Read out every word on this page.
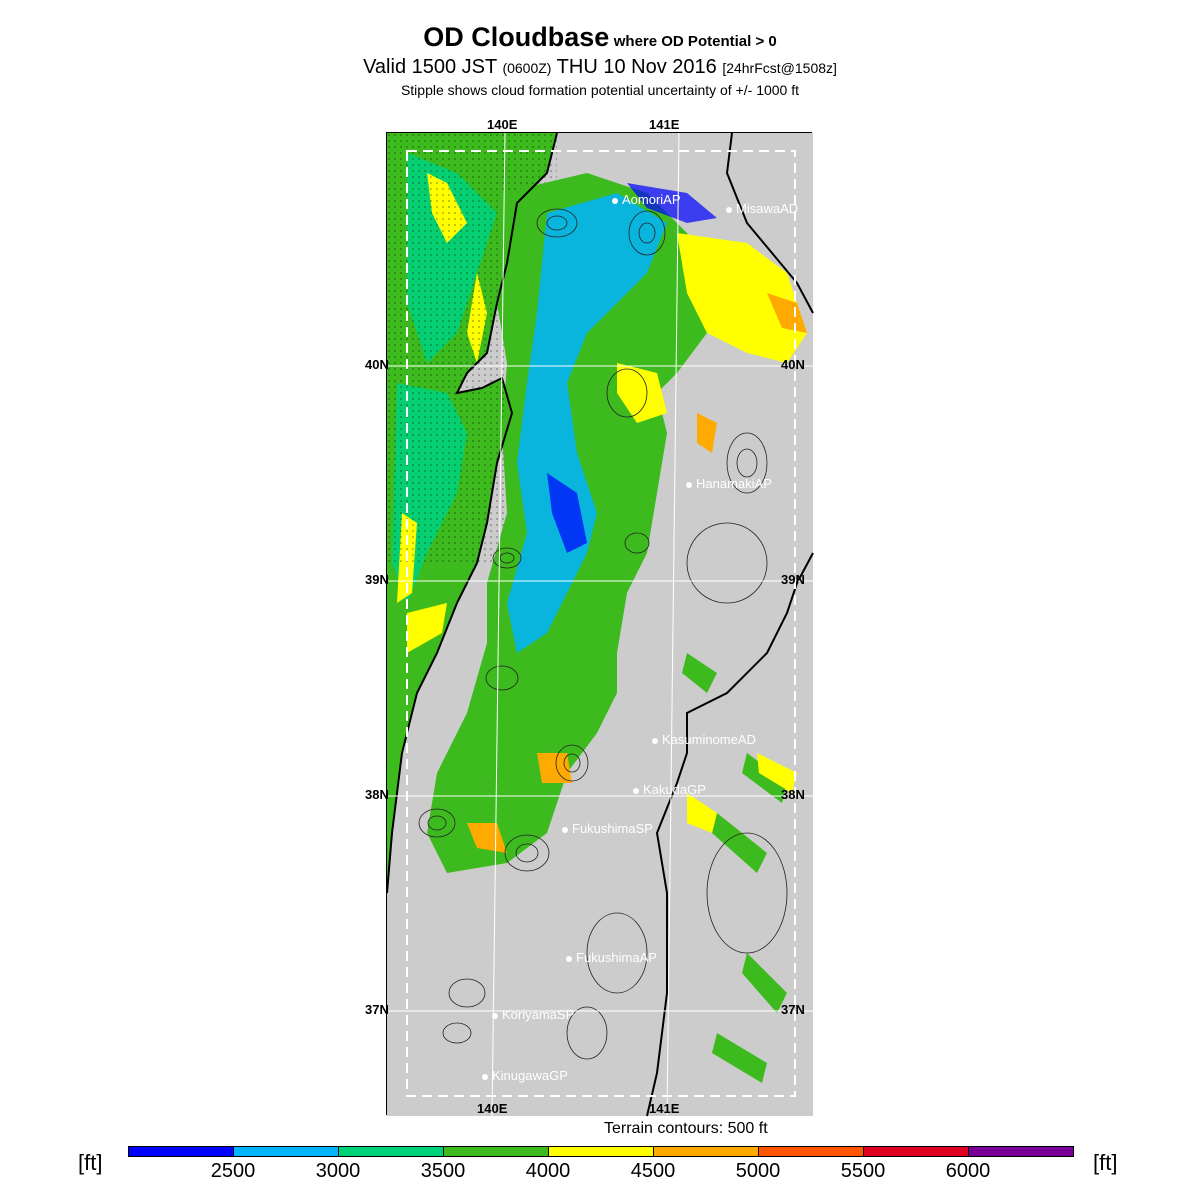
OD Cloudbase where OD Potential > 0
Valid 1500 JST (0600Z) THU 10 Nov 2016 [24hrFcst@1508z]
Stipple shows cloud formation potential uncertainty of +/- 1000 ft
140E	141E
140E	141E
40N	40N
39N	39N
38N	38N
37N	37N
AomoriAP
MisawaAD
HanamakiAP
KasuminomeAD
KakudaGP
FukushimaSP
FukushimaAP
KoriyamaSP
KinugawaGP
Terrain contours: 500 ft
[ft]	[ft]
2500	3000	3500	4000	4500	5000	5500	6000
